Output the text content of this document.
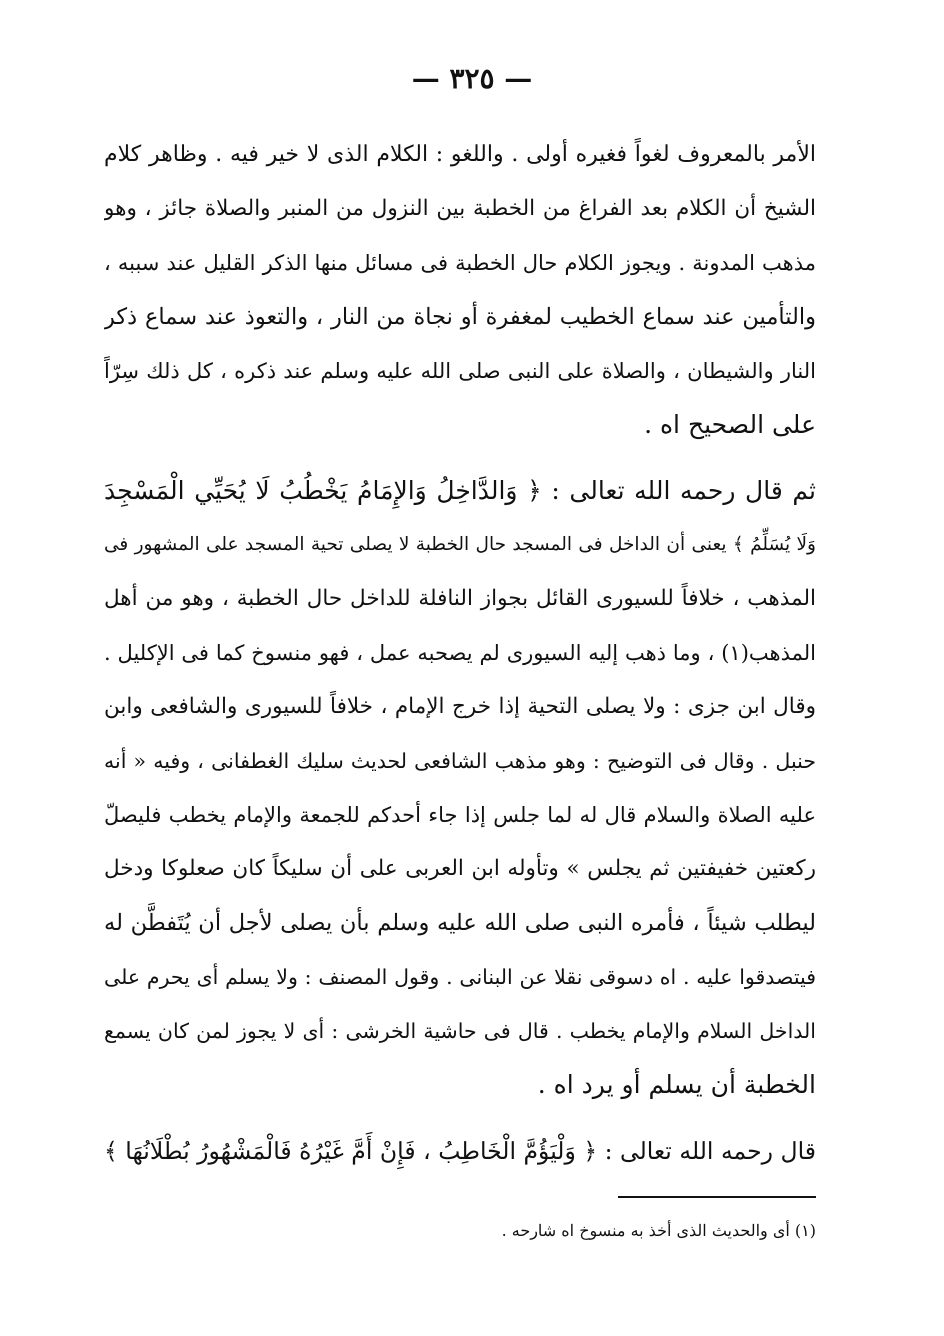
— ٣٢٥ —
الأمر بالمعروف لغواً فغيره أولى . واللغو : الكلام الذى لا خير فيه . وظاهر كلام
الشيخ أن الكلام بعد الفراغ من الخطبة بين النزول من المنبر والصلاة جائز ، وهو
مذهب المدونة . ويجوز الكلام حال الخطبة فى مسائل منها الذكر القليل عند سببه ،
والتأمين عند سماع الخطيب لمغفرة أو نجاة من النار ، والتعوذ عند سماع ذكر
النار والشيطان ، والصلاة على النبى صلى الله عليه وسلم عند ذكره ، كل ذلك سِرّاً
على الصحيح اه .
ثم قال رحمه الله تعالى : ﴿ وَالدَّاخِلُ وَالإِمَامُ يَخْطُبُ لَا يُحَيِّي الْمَسْجِدَ
وَلَا يُسَلِّمُ ﴾ يعنى أن الداخل فى المسجد حال الخطبة لا يصلى تحية المسجد على المشهور فى
المذهب ، خلافاً للسيورى القائل بجواز النافلة للداخل حال الخطبة ، وهو من أهل
المذهب(١) ، وما ذهب إليه السيورى لم يصحبه عمل ، فهو منسوخ كما فى الإكليل .
وقال ابن جزى : ولا يصلى التحية إذا خرج الإمام ، خلافاً للسيورى والشافعى وابن
حنبل . وقال فى التوضيح : وهو مذهب الشافعى لحديث سليك الغطفانى ، وفيه « أنه
عليه الصلاة والسلام قال له لما جلس إذا جاء أحدكم للجمعة والإمام يخطب فليصلّ
ركعتين خفيفتين ثم يجلس » وتأوله ابن العربى على أن سليكاً كان صعلوكا ودخل
ليطلب شيئاً ، فأمره النبى صلى الله عليه وسلم بأن يصلى لأجل أن يُتَفطَّن له
فيتصدقوا عليه . اه دسوقى نقلا عن البنانى . وقول المصنف : ولا يسلم أى يحرم على
الداخل السلام والإمام يخطب . قال فى حاشية الخرشى : أى لا يجوز لمن كان يسمع
الخطبة أن يسلم أو يرد اه .
قال رحمه الله تعالى : ﴿ وَلْيَؤُمَّ الْخَاطِبُ ، فَإِنْ أَمَّ غَيْرُهُ فَالْمَشْهُورُ بُطْلَانُهَا ﴾
(١) أى والحديث الذى أخذ به منسوخ اه شارحه .
